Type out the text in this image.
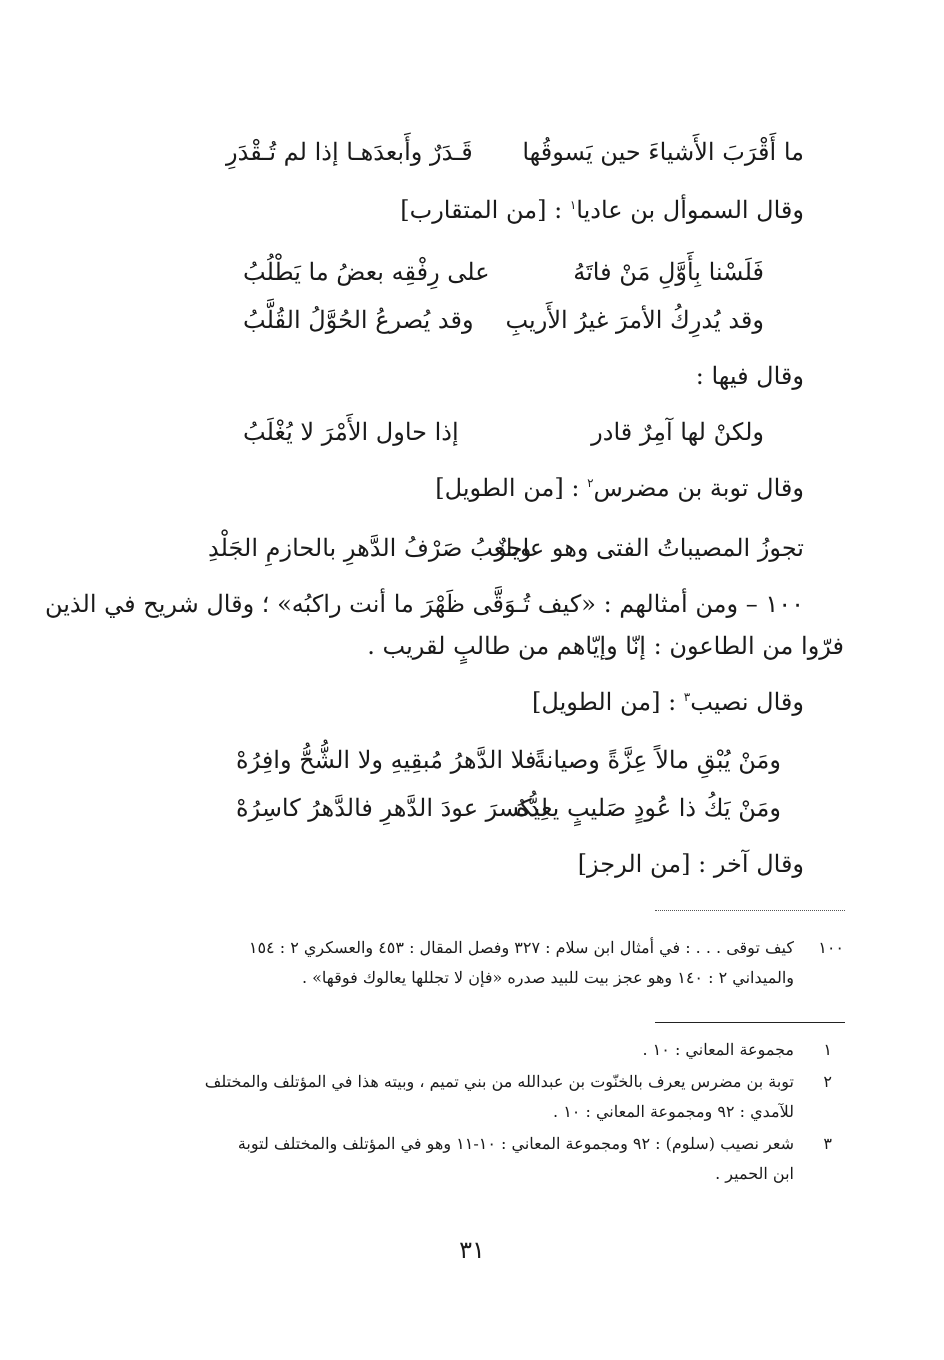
ما أَقْرَبَ الأَشياءَ حين يَسوقُها
قَـدَرٌ وأَبعدَهـا إذا لم تُـقْدَرِ
وقال السموأل بن عاديا$^١$ : [من المتقارب]
فَلَسْنا بِأَوَّلِ مَنْ فاتَهُ
على رِفْقِه بعضُ ما يَطْلُبُ
وقد يُدرِكُ الأمرَ غيرُ الأَريبِ
وقد يُصرعُ الحُوَّلُ القُلَّبُ
وقال فيها :
ولكنْ لها آمِرٌ قادر
إذا حاول الأَمْرَ لا يُغْلَبُ
وقال توبة بن مضرس$^٢$ : [من الطويل]
تجوزُ المصيباتُ الفتى وهو عاجزٌ
ويلعبُ صَرْفُ الدَّهرِ بالحازمِ الجَلْدِ
١٠٠ – ومن أمثالهم : «كيف تُـوَقَّى ظَهْرَ ما أنت راكبُه» ؛ وقال شريح في الذين
فرّوا من الطاعون : إنّا وإيّاهم من طالبٍ لقريب .
وقال نصيب$^٣$ : [من الطويل]
ومَنْ يُبْقِ مالاً عِزَّةً وصيانةً
فلا الدَّهرُ مُبقِيهِ ولا الشُّحُّ وافِرُهْ
ومَنْ يَكُ ذا عُودٍ صَليبٍ يعدُّهُ
لِيكسرَ عودَ الدَّهرِ فالدَّهرُ كاسِرُهْ
وقال آخر : [من الرجز]
١٠٠
كيف توقى . . . : في أمثال ابن سلام : ٣٢٧ وفصل المقال : ٤٥٣ والعسكري ٢ : ١٥٤
والميداني ٢ : ١٤٠ وهو عجز بيت للبيد صدره «فإن لا تجللها يعالوك فوقها» .
١
مجموعة المعاني : ١٠ .
٢
توبة بن مضرس يعرف بالخنّوت بن عبدالله من بني تميم ، وبيته هذا في المؤتلف والمختلف
للآمدي : ٩٢ ومجموعة المعاني : ١٠ .
٣
شعر نصيب (سلوم) : ٩٢ ومجموعة المعاني : ١٠-١١ وهو في المؤتلف والمختلف لتوبة
ابن الحمير .
٣١
